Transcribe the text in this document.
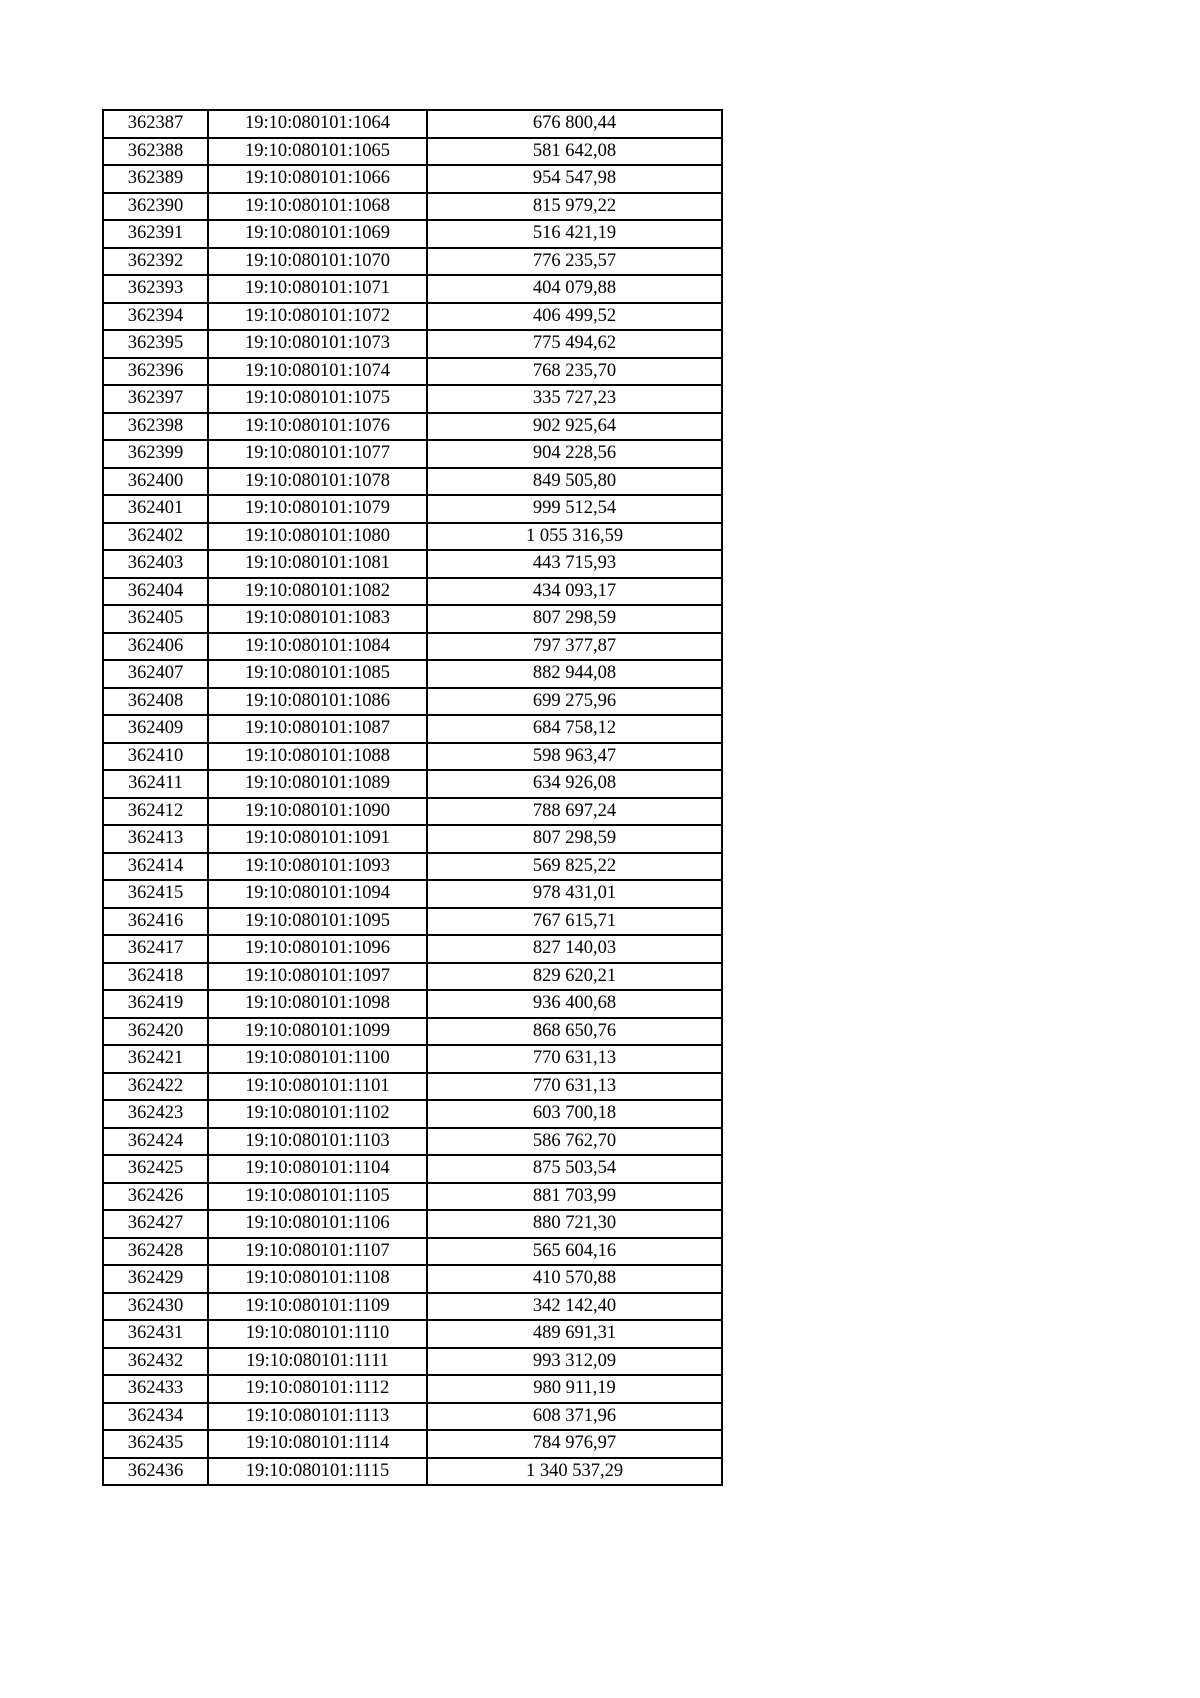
362387	19:10:080101:1064	676 800,44
362388	19:10:080101:1065	581 642,08
362389	19:10:080101:1066	954 547,98
362390	19:10:080101:1068	815 979,22
362391	19:10:080101:1069	516 421,19
362392	19:10:080101:1070	776 235,57
362393	19:10:080101:1071	404 079,88
362394	19:10:080101:1072	406 499,52
362395	19:10:080101:1073	775 494,62
362396	19:10:080101:1074	768 235,70
362397	19:10:080101:1075	335 727,23
362398	19:10:080101:1076	902 925,64
362399	19:10:080101:1077	904 228,56
362400	19:10:080101:1078	849 505,80
362401	19:10:080101:1079	999 512,54
362402	19:10:080101:1080	1 055 316,59
362403	19:10:080101:1081	443 715,93
362404	19:10:080101:1082	434 093,17
362405	19:10:080101:1083	807 298,59
362406	19:10:080101:1084	797 377,87
362407	19:10:080101:1085	882 944,08
362408	19:10:080101:1086	699 275,96
362409	19:10:080101:1087	684 758,12
362410	19:10:080101:1088	598 963,47
362411	19:10:080101:1089	634 926,08
362412	19:10:080101:1090	788 697,24
362413	19:10:080101:1091	807 298,59
362414	19:10:080101:1093	569 825,22
362415	19:10:080101:1094	978 431,01
362416	19:10:080101:1095	767 615,71
362417	19:10:080101:1096	827 140,03
362418	19:10:080101:1097	829 620,21
362419	19:10:080101:1098	936 400,68
362420	19:10:080101:1099	868 650,76
362421	19:10:080101:1100	770 631,13
362422	19:10:080101:1101	770 631,13
362423	19:10:080101:1102	603 700,18
362424	19:10:080101:1103	586 762,70
362425	19:10:080101:1104	875 503,54
362426	19:10:080101:1105	881 703,99
362427	19:10:080101:1106	880 721,30
362428	19:10:080101:1107	565 604,16
362429	19:10:080101:1108	410 570,88
362430	19:10:080101:1109	342 142,40
362431	19:10:080101:1110	489 691,31
362432	19:10:080101:1111	993 312,09
362433	19:10:080101:1112	980 911,19
362434	19:10:080101:1113	608 371,96
362435	19:10:080101:1114	784 976,97
362436	19:10:080101:1115	1 340 537,29
